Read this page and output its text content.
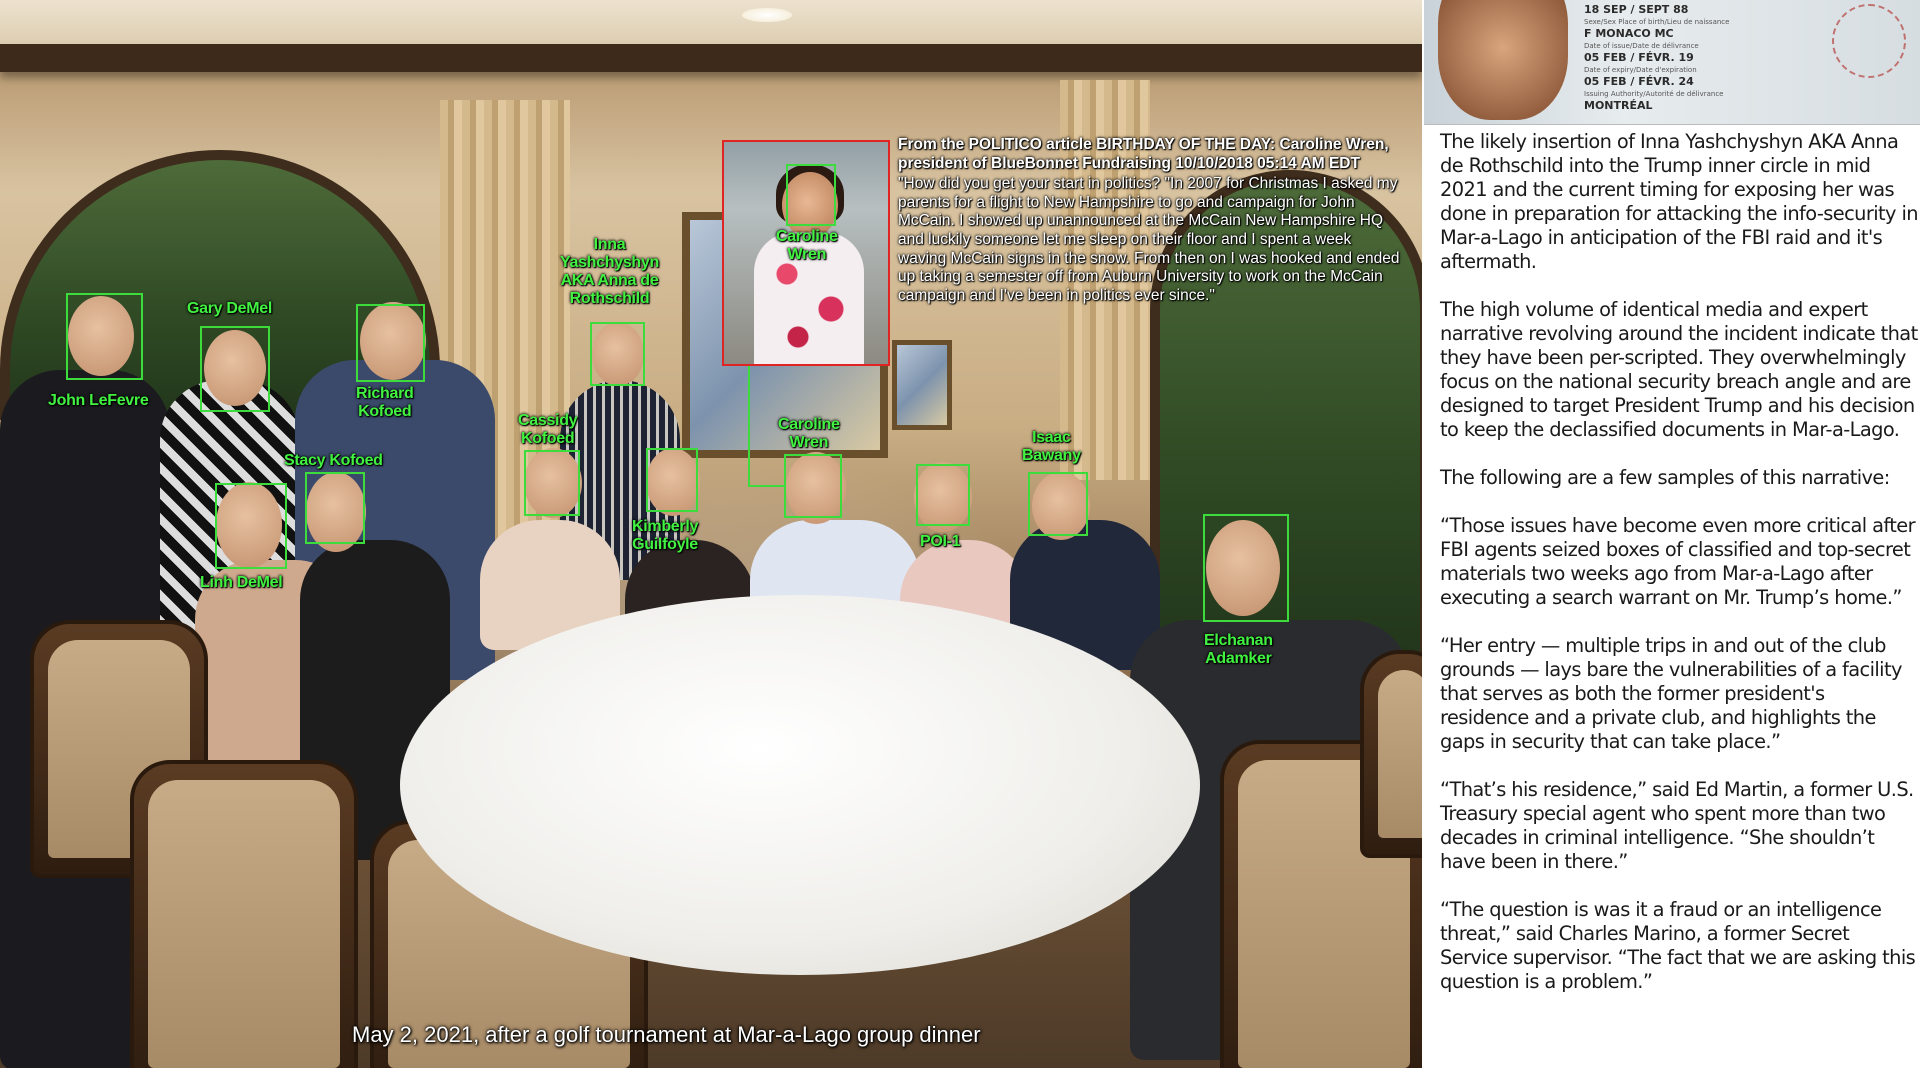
John LeFevre
Gary DeMel
Richard
Kofoed
Inna
Yashchyshyn
AKA Anna de
Rothschild
Stacy Kofoed
Linh DeMel
Cassidy
Kofoed
Kimberly
Guilfoyle
Caroline
Wren
POI-1
Isaac
Bawany
Elchanan
Adamker
Caroline
Wren
From the POLITICO article BIRTHDAY OF THE DAY: Caroline Wren, president of BlueBonnet Fundraising 10/10/2018 05:14 AM EDT
"How did you get your start in politics? "In 2007 for Christmas I asked my parents for a flight to New Hampshire to go and campaign for John McCain. I showed up unannounced at the McCain New Hampshire HQ and luckily someone let me sleep on their floor and I spent a week waving McCain signs in the snow. From then on I was hooked and ended up taking a semester off from Auburn University to work on the McCain campaign and I've been in politics ever since."
May 2, 2021, after a golf tournament at Mar-a-Lago group dinner
18 SEP / SEPT 88
Sexe/Sex Place of birth/Lieu de naissance
F MONACO MC
Date of issue/Date de délivrance
05 FEB / FÉVR. 19
Date of expiry/Date d'expiration
05 FEB / FÉVR. 24
Issuing Authority/Autorité de délivrance
MONTRÉAL

The likely insertion of Inna Yashchyshyn AKA Anna de Rothschild into the Trump inner circle in mid 2021 and the current timing for exposing her was done in preparation for attacking the info-security in Mar-a-Lago in anticipation of the FBI raid and it's aftermath.

The high volume of identical media and expert narrative revolving around the incident indicate that they have been per-scripted. They overwhelmingly focus on the national security breach angle and are designed to target President Trump and his decision to keep the declassified documents in Mar-a-Lago.

The following are a few samples of this narrative:

“Those issues have become even more critical after FBI agents seized boxes of classified and top-secret materials two weeks ago from Mar-a-Lago after executing a search warrant on Mr. Trump’s home.”

“Her entry — multiple trips in and out of the club grounds — lays bare the vulnerabilities of a facility that serves as both the former president's residence and a private club, and highlights the gaps in security that can take place.”

“That’s his residence,” said Ed Martin, a former U.S. Treasury special agent who spent more than two decades in criminal intelligence. “She shouldn’t have been in there.”

“The question is was it a fraud or an intelligence threat,” said Charles Marino, a former Secret Service supervisor. “The fact that we are asking this question is a problem.”
